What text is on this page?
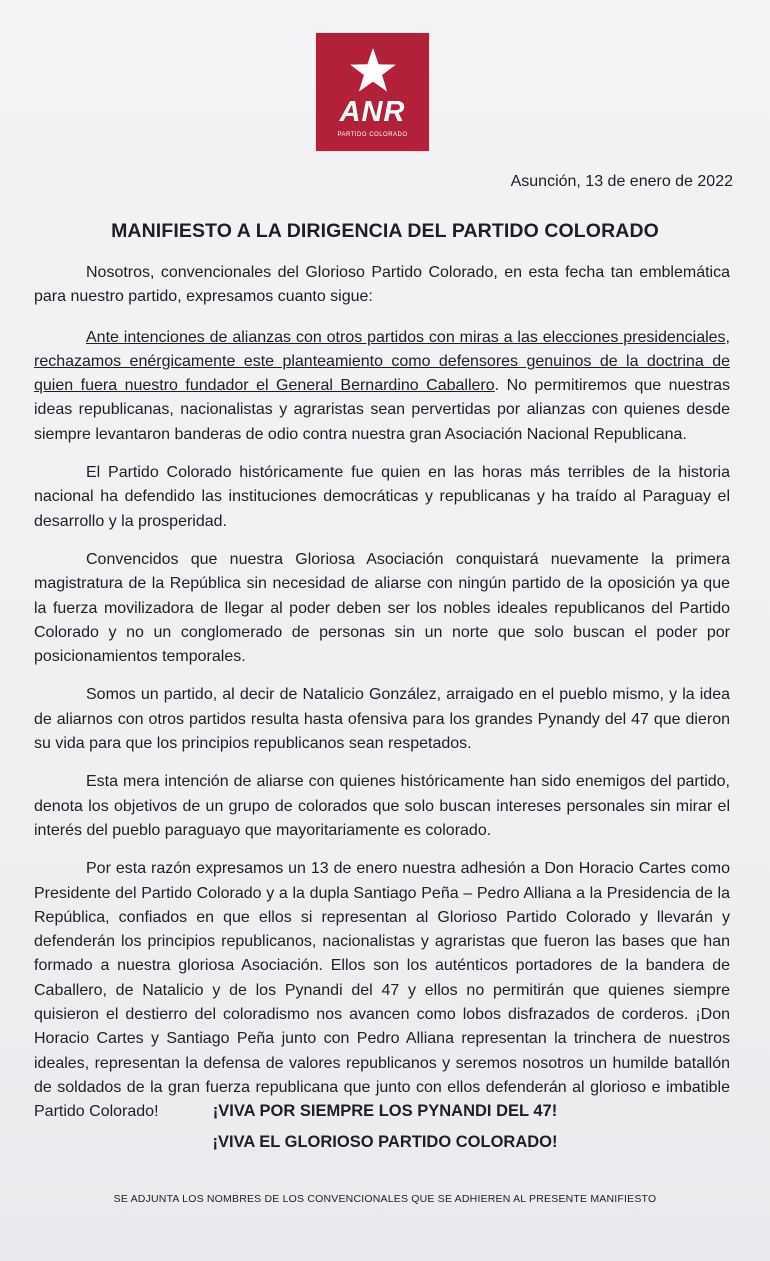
ANR
PARTIDO COLORADO
Asunción, 13 de enero de 2022
MANIFIESTO A LA DIRIGENCIA DEL PARTIDO COLORADO

Nosotros, convencionales del Glorioso Partido Colorado, en esta fecha tan emblemática para nuestro partido, expresamos cuanto sigue:

Ante intenciones de alianzas con otros partidos con miras a las elecciones presidenciales, rechazamos enérgicamente este planteamiento como defensores genuinos de la doctrina de quien fuera nuestro fundador el General Bernardino Caballero. No permitiremos que nuestras ideas republicanas, nacionalistas y agraristas sean pervertidas por alianzas con quienes desde siempre levantaron banderas de odio contra nuestra gran Asociación Nacional Republicana.

El Partido Colorado históricamente fue quien en las horas más terribles de la historia nacional ha defendido las instituciones democráticas y republicanas y ha traído al Paraguay el desarrollo y la prosperidad.

Convencidos que nuestra Gloriosa Asociación conquistará nuevamente la primera magistratura de la República sin necesidad de aliarse con ningún partido de la oposición ya que la fuerza movilizadora de llegar al poder deben ser los nobles ideales republicanos del Partido Colorado y no un conglomerado de personas sin un norte que solo buscan el poder por posicionamientos temporales.

Somos un partido, al decir de Natalicio González, arraigado en el pueblo mismo, y la idea de aliarnos con otros partidos resulta hasta ofensiva para los grandes Pynandy del 47 que dieron su vida para que los principios republicanos sean respetados.

Esta mera intención de aliarse con quienes históricamente han sido enemigos del partido, denota los objetivos de un grupo de colorados que solo buscan intereses personales sin mirar el interés del pueblo paraguayo que mayoritariamente es colorado.

Por esta razón expresamos un 13 de enero nuestra adhesión a Don Horacio Cartes como Presidente del Partido Colorado y a la dupla Santiago Peña – Pedro Alliana a la Presidencia de la República, confiados en que ellos si representan al Glorioso Partido Colorado y llevarán y defenderán los principios republicanos, nacionalistas y agraristas que fueron las bases que han formado a nuestra gloriosa Asociación. Ellos son los auténticos portadores de la bandera de Caballero, de Natalicio y de los Pynandi del 47 y ellos no permitirán que quienes siempre quisieron el destierro del coloradismo nos avancen como lobos disfrazados de corderos. ¡Don Horacio Cartes y Santiago Peña junto con Pedro Alliana representan la trinchera de nuestros ideales, representan la defensa de valores republicanos y seremos nosotros un humilde batallón de soldados de la gran fuerza republicana que junto con ellos defenderán al glorioso e imbatible Partido Colorado!	¡VIVA POR SIEMPRE LOS PYNANDI DEL 47!
¡VIVA EL GLORIOSO PARTIDO COLORADO!
SE ADJUNTA LOS NOMBRES DE LOS CONVENCIONALES QUE SE ADHIEREN AL PRESENTE MANIFIESTO
